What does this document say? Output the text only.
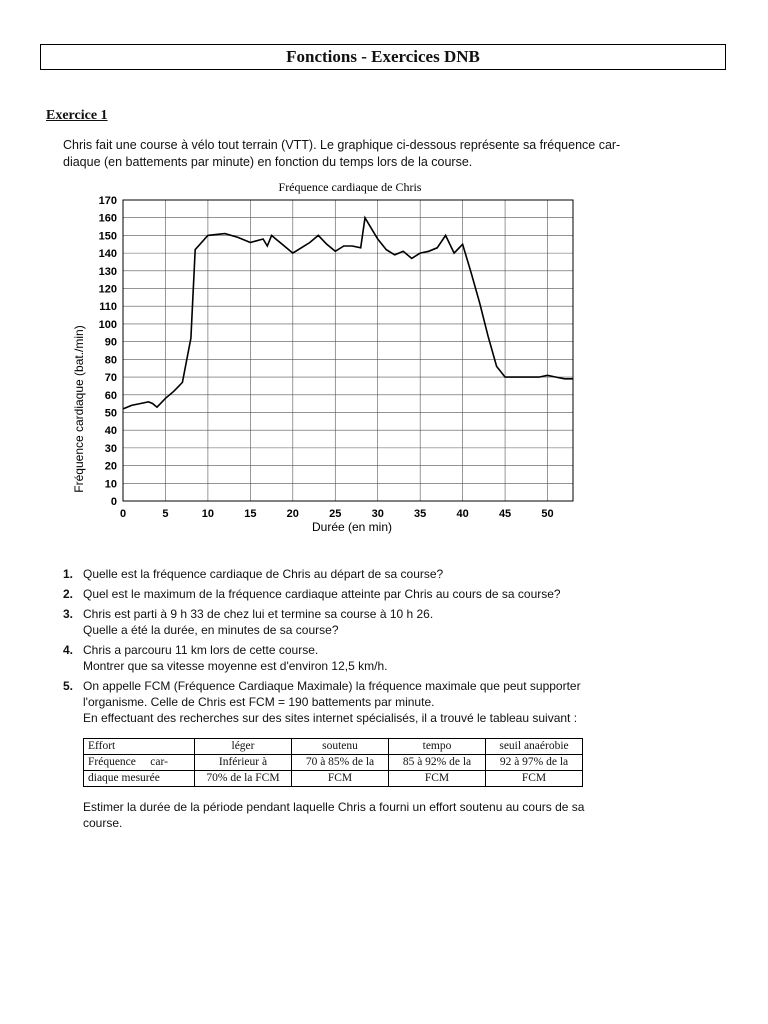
Fonctions - Exercices DNB
Exercice 1
Chris fait une course à vélo tout terrain (VTT). Le graphique ci-dessous représente sa fréquence car-
diaque (en battements par minute) en fonction du temps lors de la course.
Fréquence cardiaque de Chris
0
10
20
30
40
50
60
70
80
90
100
110
120
130
140
150
160
170
0	5	10	15	20	25	30	35	40	45	50
Durée (en min)
Fréquence cardiaque (bat./min)
1. Quelle est la fréquence cardiaque de Chris au départ de sa course?
2. Quel est le maximum de la fréquence cardiaque atteinte par Chris au cours de sa course?
3. Chris est parti à 9 h 33 de chez lui et termine sa course à 10 h 26.
Quelle a été la durée, en minutes de sa course?
4. Chris a parcouru 11 km lors de cette course.
Montrer que sa vitesse moyenne est d'environ 12,5 km/h.
5. On appelle FCM (Fréquence Cardiaque Maximale) la fréquence maximale que peut supporter
l'organisme. Celle de Chris est FCM = 190 battements par minute.
En effectuant des recherches sur des sites internet spécialisés, il a trouvé le tableau suivant :
Effort	léger	soutenu	tempo	seuil anaérobie
Fréquence     car-	Inférieur à	70 à 85% de la	85 à 92% de la	92 à 97% de la
diaque mesurée	70% de la FCM	FCM	FCM	FCM
Estimer la durée de la période pendant laquelle Chris a fourni un effort soutenu au cours de sa
course.
